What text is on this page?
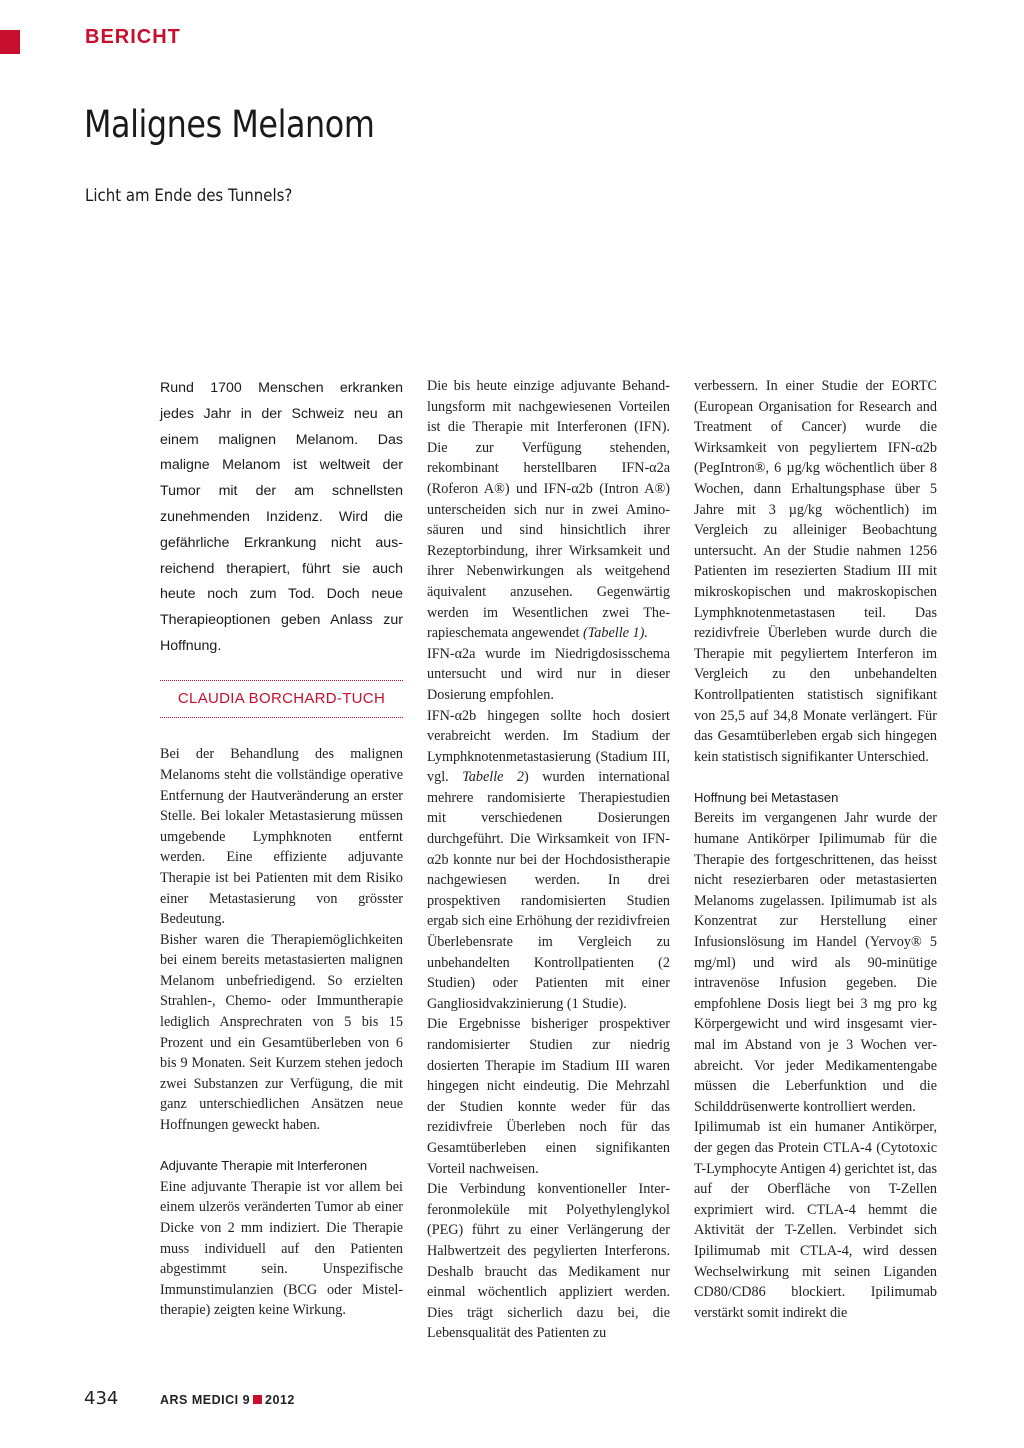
BERICHT
Malignes Melanom
Licht am Ende des Tunnels?

Rund 1700 Menschen erkranken jedes Jahr in der Schweiz neu an einem malignen Melanom. Das maligne Melanom ist weltweit der Tumor mit der am schnellsten zunehmenden Inzidenz. Wird die gefährliche Erkrankung nicht ausreichend therapiert, führt sie auch heute noch zum Tod. Doch neue Therapieoptionen geben Anlass zur Hoffnung.

CLAUDIA BORCHARD-TUCH

Bei der Behandlung des malignen Melanoms steht die vollständige operative Entfernung der Hautveränderung an erster Stelle. Bei lokaler Metastasierung müssen umgebende Lymphknoten entfernt werden. Eine effiziente adjuvante Therapie ist bei Patienten mit dem Risiko einer Metastasierung von grösster Bedeutung.

Bisher waren die Therapiemöglichkeiten bei einem bereits metastasierten malignen Melanom unbefriedigend. So erzielten Strahlen-, Chemo- oder Immuntherapie lediglich Ansprechraten von 5 bis 15 Prozent und ein Gesamtüberleben von 6 bis 9 Monaten. Seit Kurzem stehen jedoch zwei Substanzen zur Verfügung, die mit ganz unterschiedlichen Ansätzen neue Hoffnungen geweckt haben.

Adjuvante Therapie mit Interferonen

Eine adjuvante Therapie ist vor allem bei einem ulzerös veränderten Tumor ab einer Dicke von 2 mm indiziert. Die Therapie muss individuell auf den Patienten abgestimmt sein. Unspezifische Immunstimulanzien (BCG oder Misteltherapie) zeigten keine Wirkung.

Die bis heute einzige adjuvante Behandlungsform mit nachgewiesenen Vorteilen ist die Therapie mit Interferonen (IFN). Die zur Verfügung stehenden, rekombinant herstellbaren IFN-α2a (Roferon A®) und IFN-α2b (Intron A®) unterscheiden sich nur in zwei Aminosäuren und sind hinsichtlich ihrer Rezeptorbindung, ihrer Wirksamkeit und ihrer Nebenwirkungen als weitgehend äquivalent anzusehen. Gegenwärtig werden im Wesentlichen zwei Therapieschemata angewendet (Tabelle 1).
IFN-α2a wurde im Niedrigdosisschema untersucht und wird nur in dieser Dosierung empfohlen.

IFN-α2b hingegen sollte hoch dosiert verabreicht werden. Im Stadium der Lymphknotenmetastasierung (Stadium III, vgl. Tabelle 2) wurden international mehrere randomisierte Therapiestudien mit verschiedenen Dosierungen durchgeführt. Die Wirksamkeit von IFN-α2b konnte nur bei der Hochdosistherapie nachgewiesen werden. In drei prospektiven randomisierten Studien ergab sich eine Erhöhung der rezidivfreien Überlebensrate im Vergleich zu unbehandelten Kontrollpatienten (2 Studien) oder Patienten mit einer Gangliosidvakzinierung (1 Studie).

Die Ergebnisse bisheriger prospektiver randomisierter Studien zur niedrig dosierten Therapie im Stadium III waren hingegen nicht eindeutig. Die Mehrzahl der Studien konnte weder für das rezidivfreie Überleben noch für das Gesamtüberleben einen signifikanten Vorteil nachweisen.

Die Verbindung konventioneller Interferonmoleküle mit Polyethylenglykol (PEG) führt zu einer Verlängerung der Halbwertzeit des pegylierten Interferons. Deshalb braucht das Medikament nur einmal wöchentlich appliziert werden. Dies trägt sicherlich dazu bei, die Lebensqualität des Patienten zu

verbessern. In einer Studie der EORTC (European Organisation for Research and Treatment of Cancer) wurde die Wirksamkeit von pegyliertem IFN-α2b (PegIntron®, 6 µg/kg wöchentlich über 8 Wochen, dann Erhaltungsphase über 5 Jahre mit 3 µg/kg wöchentlich) im Vergleich zu alleiniger Beobachtung untersucht. An der Studie nahmen 1256 Patienten im resezierten Stadium III mit mikroskopischen und makroskopischen Lymphknotenmetastasen teil. Das rezidivfreie Überleben wurde durch die Therapie mit pegyliertem Interferon im Vergleich zu den unbehandelten Kontrollpatienten statistisch signifikant von 25,5 auf 34,8 Monate verlängert. Für das Gesamtüberleben ergab sich hingegen kein statistisch signifikanter Unterschied.

Hoffnung bei Metastasen

Bereits im vergangenen Jahr wurde der humane Antikörper Ipilimumab für die Therapie des fortgeschrittenen, das heisst nicht resezierbaren oder metastasierten Melanoms zugelassen. Ipilimumab ist als Konzentrat zur Herstellung einer Infusionslösung im Handel (Yervoy® 5 mg/ml) und wird als 90-minütige intravenöse Infusion gegeben. Die empfohlene Dosis liegt bei 3 mg pro kg Körpergewicht und wird insgesamt viermal im Abstand von je 3 Wochen verabreicht. Vor jeder Medikamentengabe müssen die Leberfunktion und die Schilddrüsenwerte kontrolliert werden.

Ipilimumab ist ein humaner Antikörper, der gegen das Protein CTLA-4 (Cytotoxic T-Lymphocyte Antigen 4) gerichtet ist, das auf der Oberfläche von T-Zellen exprimiert wird. CTLA-4 hemmt die Aktivität der T-Zellen. Verbindet sich Ipilimumab mit CTLA-4, wird dessen Wechselwirkung mit seinen Liganden CD80/CD86 blockiert. Ipilimumab verstärkt somit indirekt die

434	ARS MEDICI 9 2012
